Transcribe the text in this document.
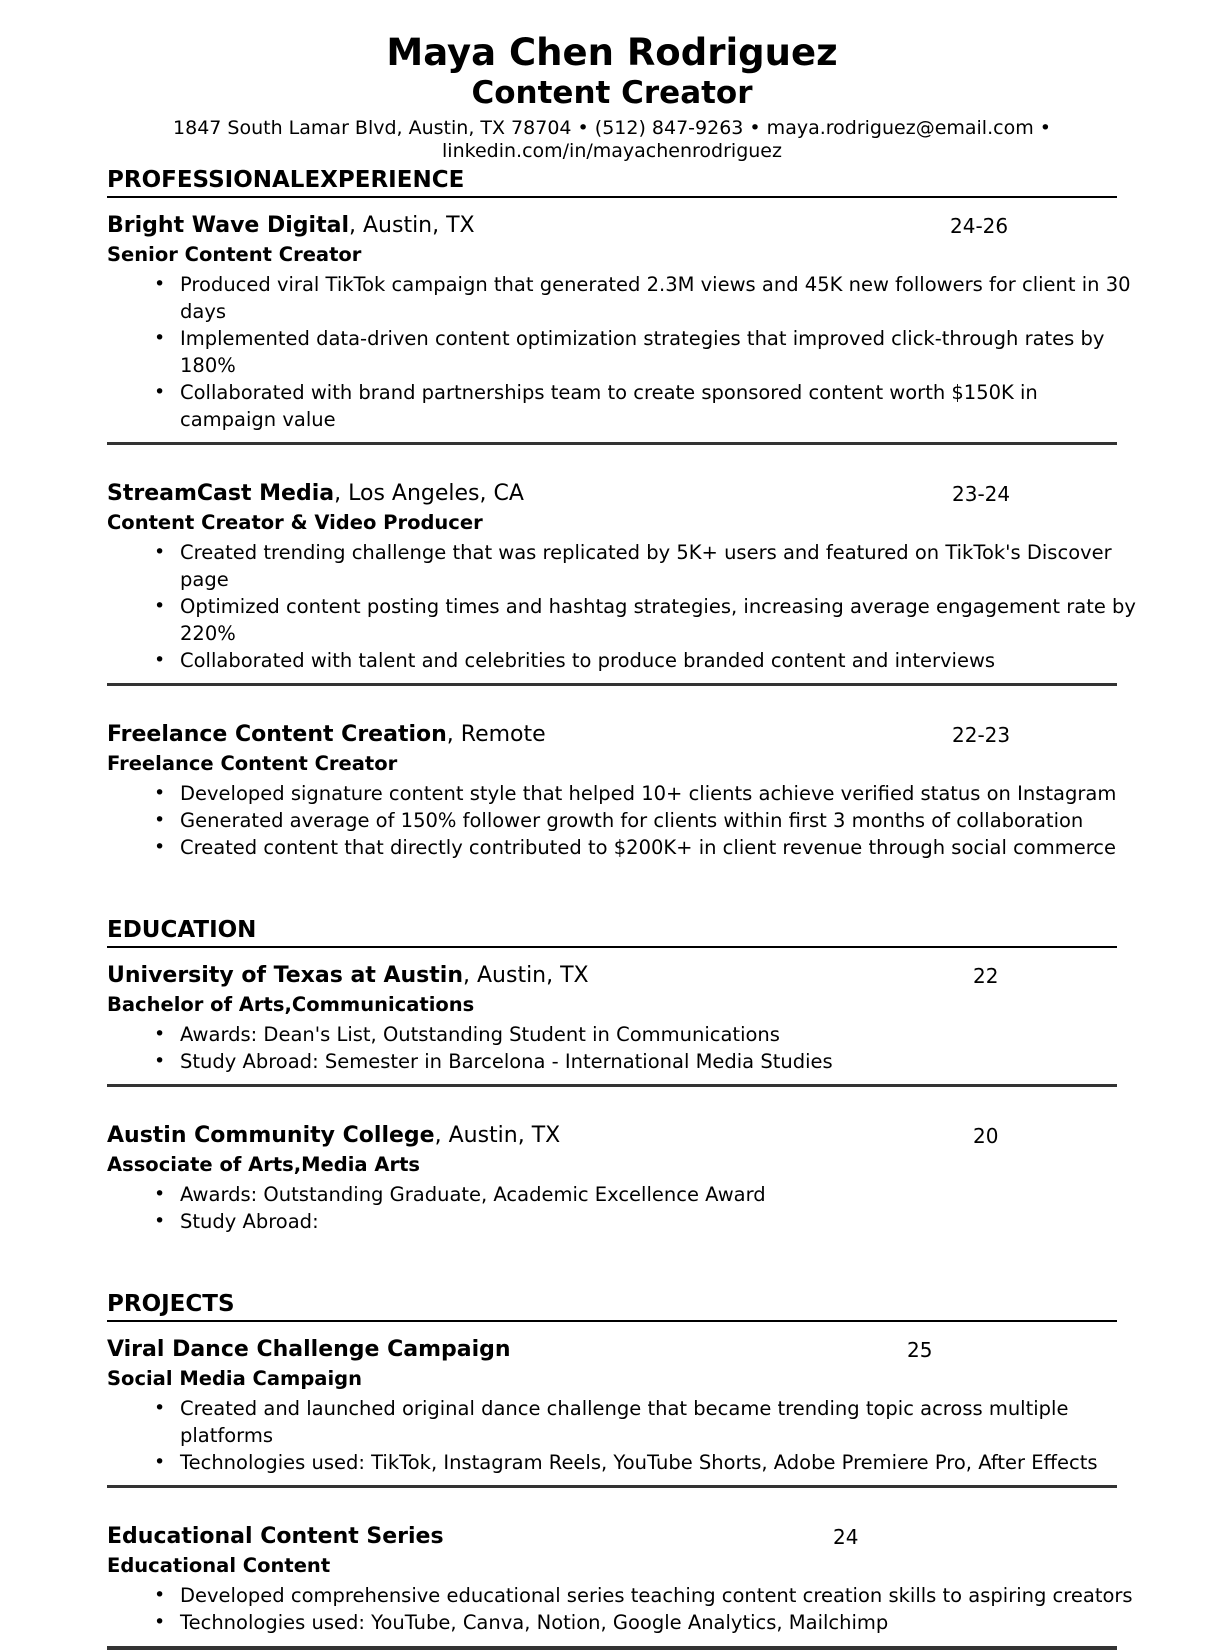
Maya Chen Rodriguez
Content Creator
1847 South Lamar Blvd, Austin, TX 78704 • (512) 847-9263 • maya.rodriguez@email.com •
linkedin.com/in/mayachenrodriguez
PROFESSIONALEXPERIENCE
Bright Wave Digital, Austin, TX	24-26
Senior Content Creator
• Produced viral TikTok campaign that generated 2.3M views and 45K new followers for client in 30 days
• Implemented data-driven content optimization strategies that improved click-through rates by 180%
• Collaborated with brand partnerships team to create sponsored content worth $150K in campaign value
StreamCast Media, Los Angeles, CA	23-24
Content Creator & Video Producer
• Created trending challenge that was replicated by 5K+ users and featured on TikTok's Discover page
• Optimized content posting times and hashtag strategies, increasing average engagement rate by 220%
• Collaborated with talent and celebrities to produce branded content and interviews
Freelance Content Creation, Remote	22-23
Freelance Content Creator
• Developed signature content style that helped 10+ clients achieve verified status on Instagram
• Generated average of 150% follower growth for clients within first 3 months of collaboration
• Created content that directly contributed to $200K+ in client revenue through social commerce
EDUCATION
University of Texas at Austin, Austin, TX	22
Bachelor of Arts,Communications
• Awards: Dean's List, Outstanding Student in Communications
• Study Abroad: Semester in Barcelona - International Media Studies
Austin Community College, Austin, TX	20
Associate of Arts,Media Arts
• Awards: Outstanding Graduate, Academic Excellence Award
• Study Abroad:
PROJECTS
Viral Dance Challenge Campaign	25
Social Media Campaign
• Created and launched original dance challenge that became trending topic across multiple platforms
• Technologies used: TikTok, Instagram Reels, YouTube Shorts, Adobe Premiere Pro, After Effects
Educational Content Series	24
Educational Content
• Developed comprehensive educational series teaching content creation skills to aspiring creators
• Technologies used: YouTube, Canva, Notion, Google Analytics, Mailchimp
